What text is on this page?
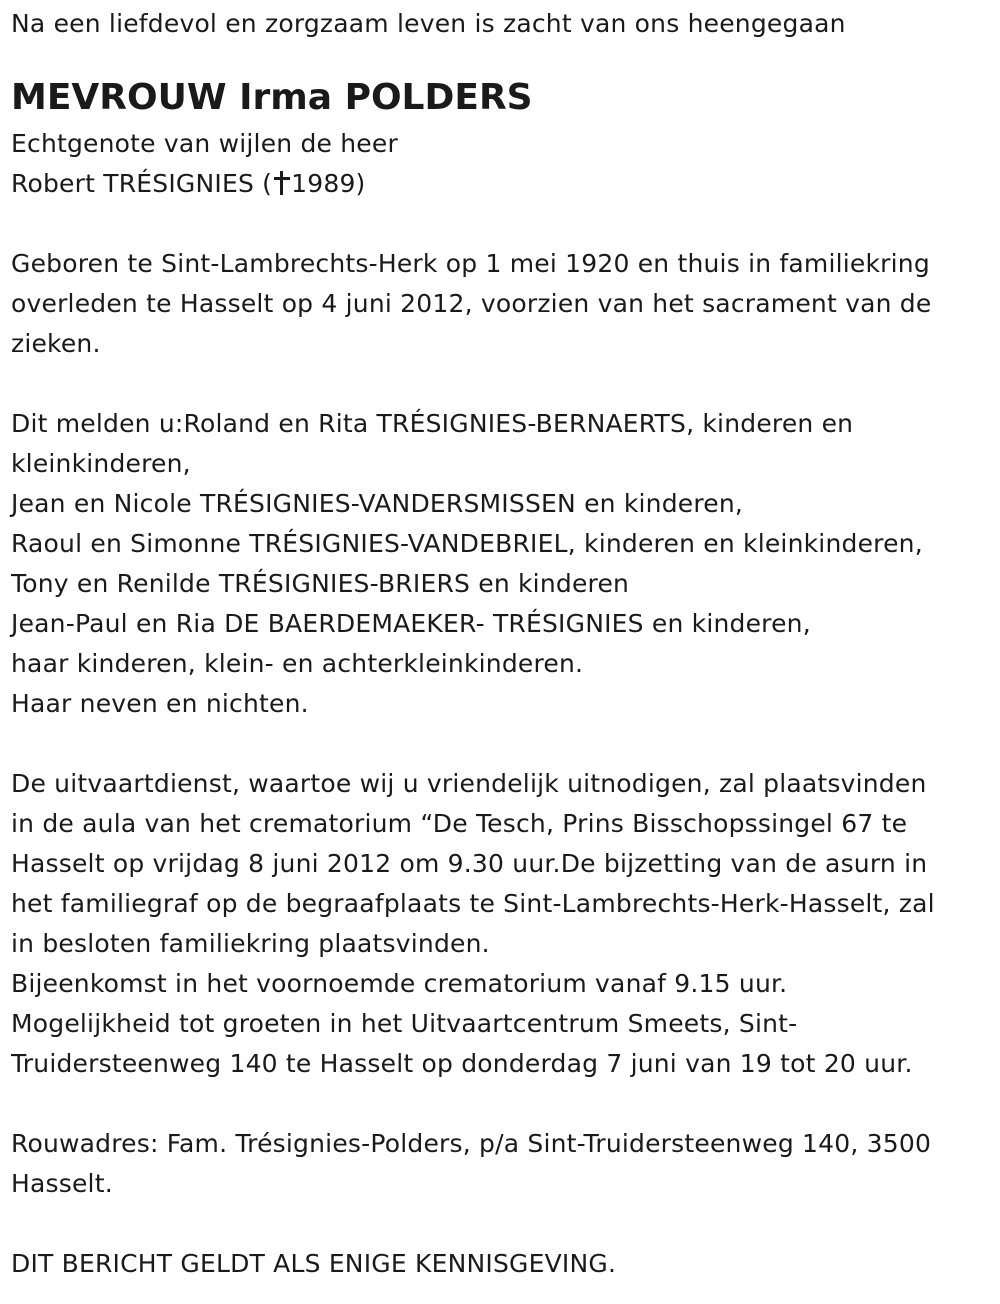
Na een liefdevol en zorgzaam leven is zacht van ons heengegaan
MEVROUW Irma POLDERS
Echtgenote van wijlen de heer
Robert TRÉSIGNIES ( 1989)
Geboren te Sint-Lambrechts-Herk op 1 mei 1920 en thuis in familiekring
overleden te Hasselt op 4 juni 2012, voorzien van het sacrament van de
zieken.
Dit melden u:Roland en Rita TRÉSIGNIES-BERNAERTS, kinderen en
kleinkinderen,
Jean en Nicole TRÉSIGNIES-VANDERSMISSEN en kinderen,
Raoul en Simonne TRÉSIGNIES-VANDEBRIEL, kinderen en kleinkinderen,
Tony en Renilde TRÉSIGNIES-BRIERS en kinderen
Jean-Paul en Ria DE BAERDEMAEKER- TRÉSIGNIES en kinderen,
haar kinderen, klein- en achterkleinkinderen.
Haar neven en nichten.
De uitvaartdienst, waartoe wij u vriendelijk uitnodigen, zal plaatsvinden
in de aula van het crematorium “De Tesch, Prins Bisschopssingel 67 te
Hasselt op vrijdag 8 juni 2012 om 9.30 uur.De bijzetting van de asurn in
het familiegraf op de begraafplaats te Sint-Lambrechts-Herk-Hasselt, zal
in besloten familiekring plaatsvinden.
Bijeenkomst in het voornoemde crematorium vanaf 9.15 uur.
Mogelijkheid tot groeten in het Uitvaartcentrum Smeets, Sint-
Truidersteenweg 140 te Hasselt op donderdag 7 juni van 19 tot 20 uur.
Rouwadres: Fam. Trésignies-Polders, p/a Sint-Truidersteenweg 140, 3500
Hasselt.
DIT BERICHT GELDT ALS ENIGE KENNISGEVING.
